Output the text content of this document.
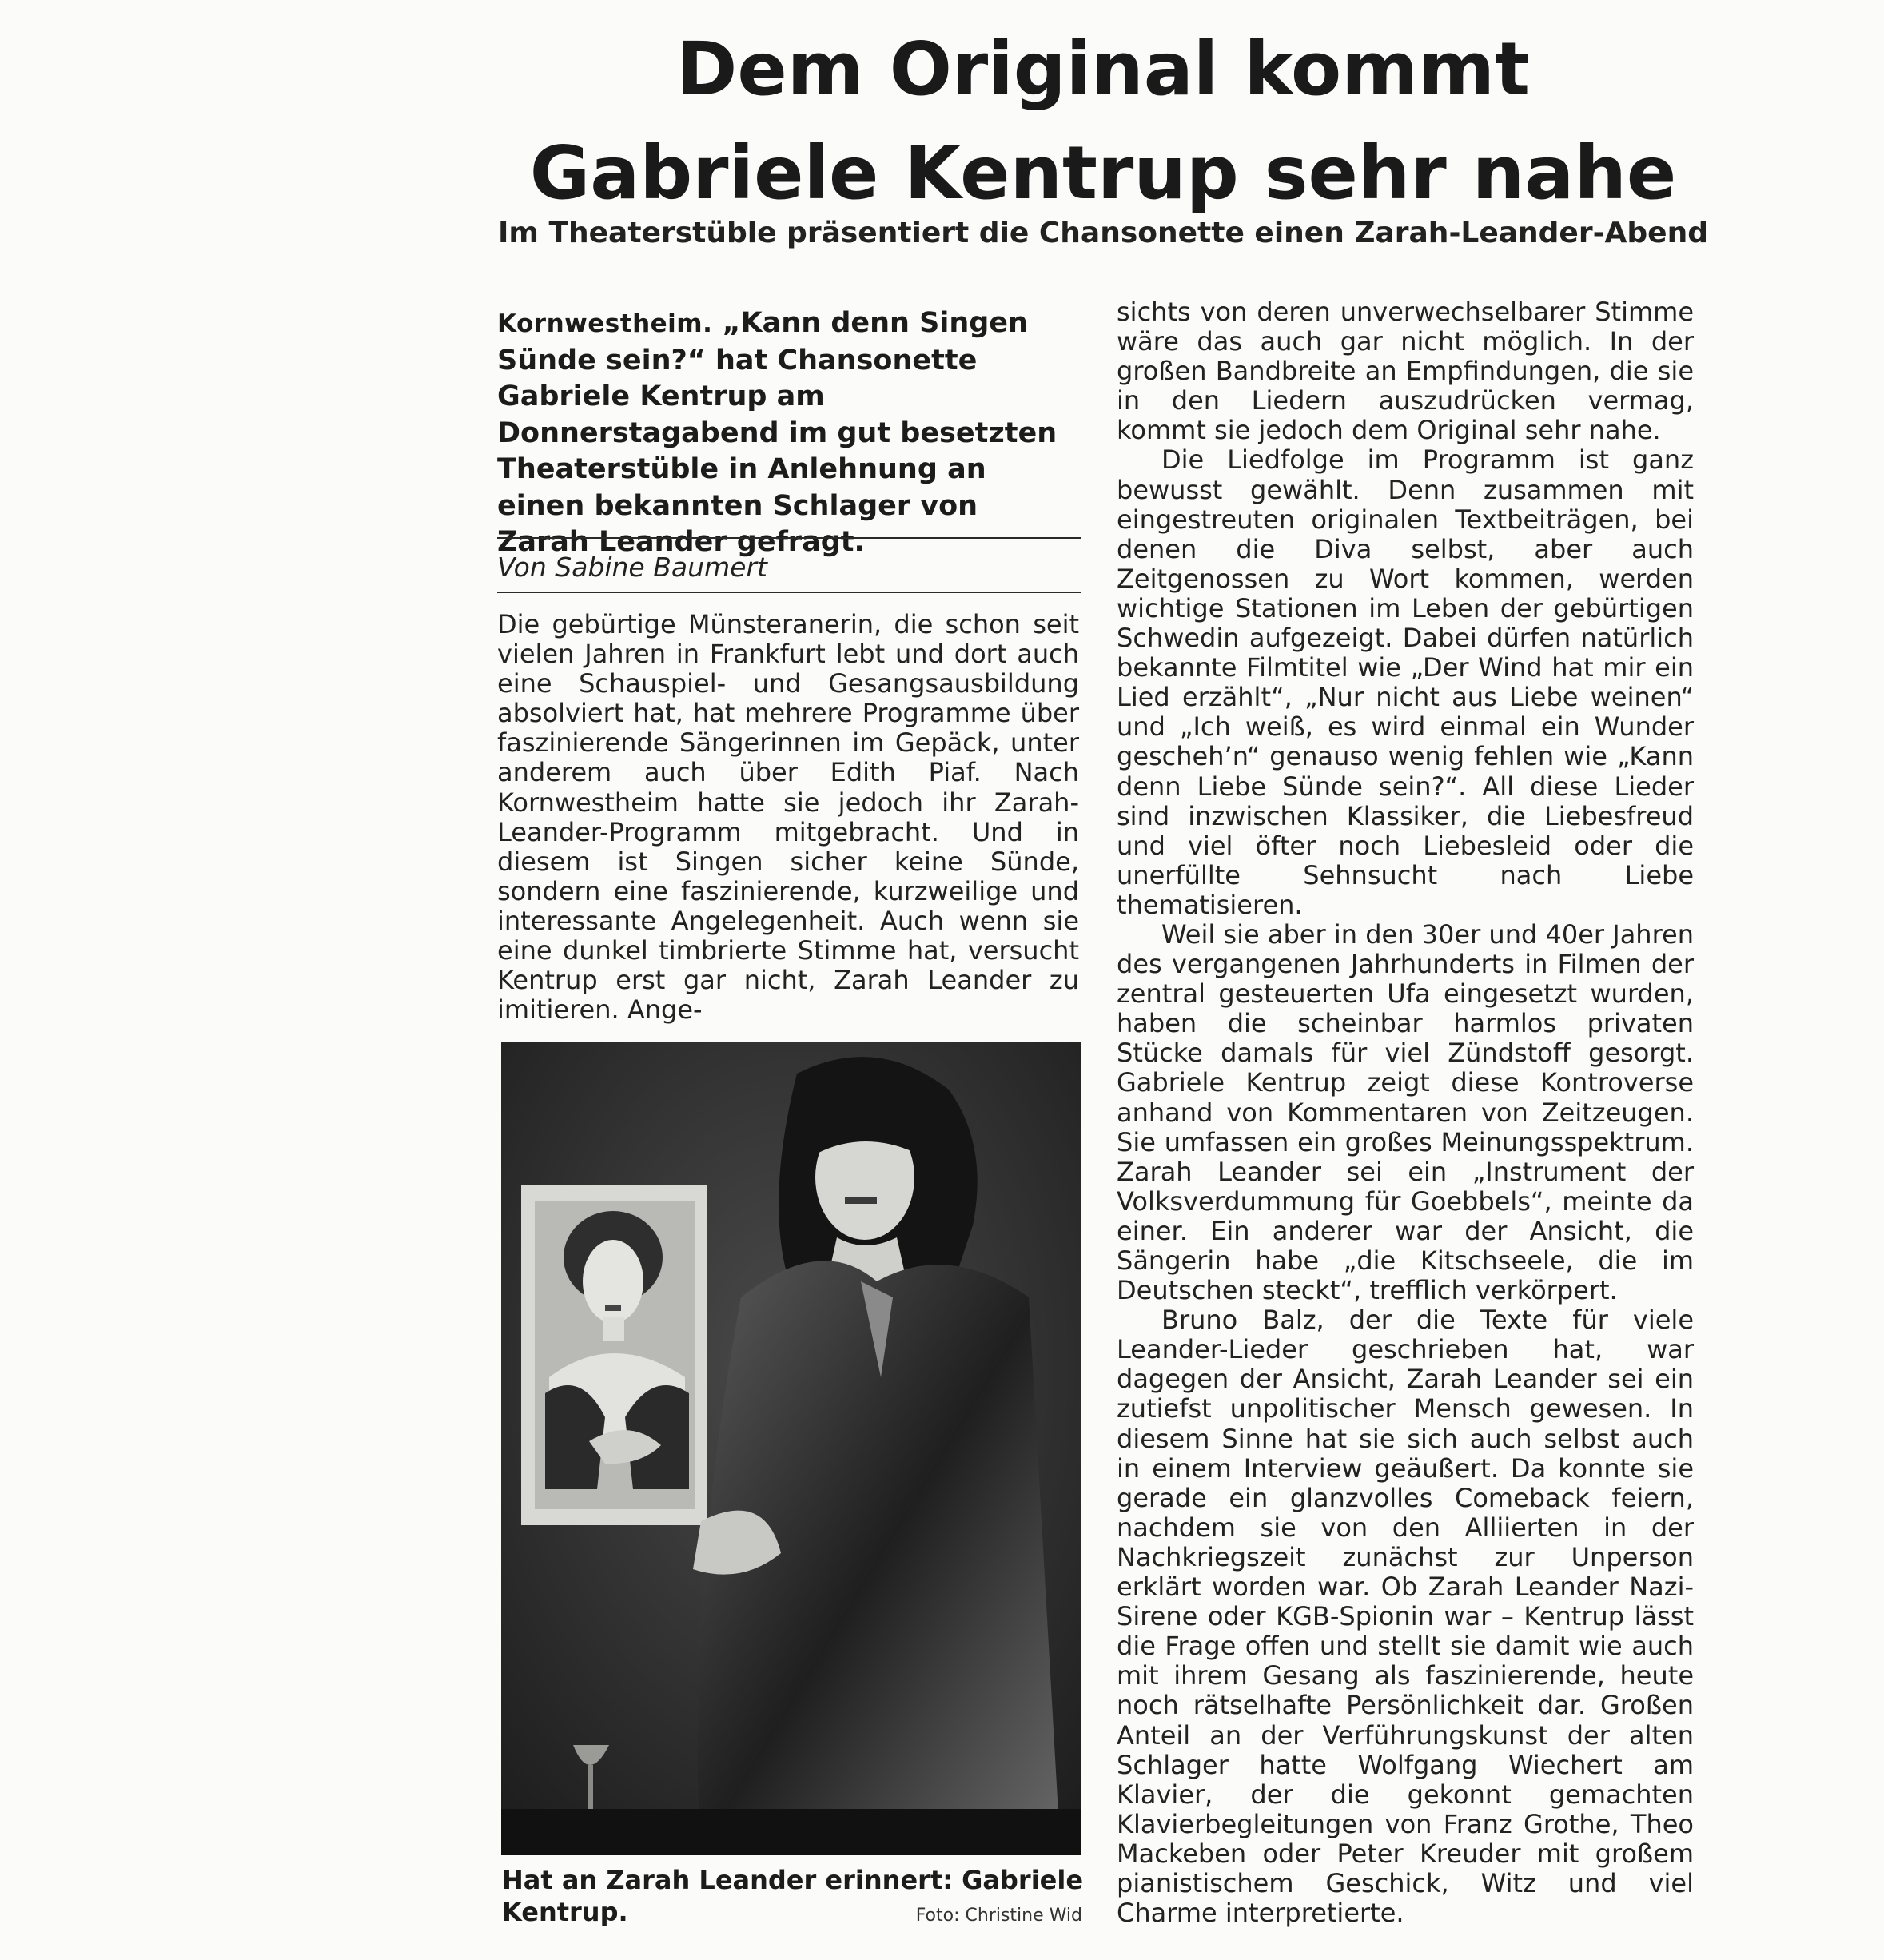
Dem Original kommt
Gabriele Kentrup sehr nahe
Im Theaterstüble präsentiert die Chansonette einen Zarah-Leander-Abend
Kornwestheim. „Kann denn Singen Sünde sein?“ hat Chansonette Gabriele Kentrup am Donnerstagabend im gut besetzten Theaterstüble in Anlehnung an einen bekannten Schlager von Zarah Leander gefragt.
Von Sabine Baumert

Die gebürtige Münsteranerin, die schon seit vielen Jahren in Frankfurt lebt und dort auch eine Schauspiel- und Gesangsausbildung absolviert hat, hat mehrere Programme über faszinierende Sängerinnen im Gepäck, unter anderem auch über Edith Piaf. Nach Kornwestheim hatte sie jedoch ihr Zarah-Leander-Programm mitgebracht. Und in diesem ist Singen sicher keine Sünde, sondern eine faszinierende, kurzweilige und interessante Angelegenheit. Auch wenn sie eine dunkel timbrierte Stimme hat, versucht Kentrup erst gar nicht, Zarah Leander zu imitieren. Ange-

Hat an Zarah Leander erinnert: Gabriele Kentrup.	Foto: Christine Wid

sichts von deren unverwechselbarer Stimme wäre das auch gar nicht möglich. In der großen Bandbreite an Empfindungen, die sie in den Liedern auszudrücken vermag, kommt sie jedoch dem Original sehr nahe.

Die Liedfolge im Programm ist ganz bewusst gewählt. Denn zusammen mit eingestreuten originalen Textbeiträgen, bei denen die Diva selbst, aber auch Zeitgenossen zu Wort kommen, werden wichtige Stationen im Leben der gebürtigen Schwedin aufgezeigt. Dabei dürfen natürlich bekannte Filmtitel wie „Der Wind hat mir ein Lied erzählt“, „Nur nicht aus Liebe weinen“ und „Ich weiß, es wird einmal ein Wunder gescheh’n“ genauso wenig fehlen wie „Kann denn Liebe Sünde sein?“. All diese Lieder sind inzwischen Klassiker, die Liebesfreud und viel öfter noch Liebesleid oder die unerfüllte Sehnsucht nach Liebe thematisieren.

Weil sie aber in den 30er und 40er Jahren des vergangenen Jahrhunderts in Filmen der zentral gesteuerten Ufa eingesetzt wurden, haben die scheinbar harmlos privaten Stücke damals für viel Zündstoff gesorgt. Gabriele Kentrup zeigt diese Kontroverse anhand von Kommentaren von Zeitzeugen. Sie umfassen ein großes Meinungsspektrum. Zarah Leander sei ein „Instrument der Volksverdummung für Goebbels“, meinte da einer. Ein anderer war der Ansicht, die Sängerin habe „die Kitschseele, die im Deutschen steckt“, trefflich verkörpert.

Bruno Balz, der die Texte für viele Leander-Lieder geschrieben hat, war dagegen der Ansicht, Zarah Leander sei ein zutiefst unpolitischer Mensch gewesen. In diesem Sinne hat sie sich auch selbst auch in einem Interview geäußert. Da konnte sie gerade ein glanzvolles Comeback feiern, nachdem sie von den Alliierten in der Nachkriegszeit zunächst zur Unperson erklärt worden war. Ob Zarah Leander Nazi-Sirene oder KGB-Spionin war – Kentrup lässt die Frage offen und stellt sie damit wie auch mit ihrem Gesang als faszinierende, heute noch rätselhafte Persönlichkeit dar. Großen Anteil an der Verführungskunst der alten Schlager hatte Wolfgang Wiechert am Klavier, der die gekonnt gemachten Klavierbegleitungen von Franz Grothe, Theo Mackeben oder Peter Kreuder mit großem pianistischem Geschick, Witz und viel Charme interpretierte.
